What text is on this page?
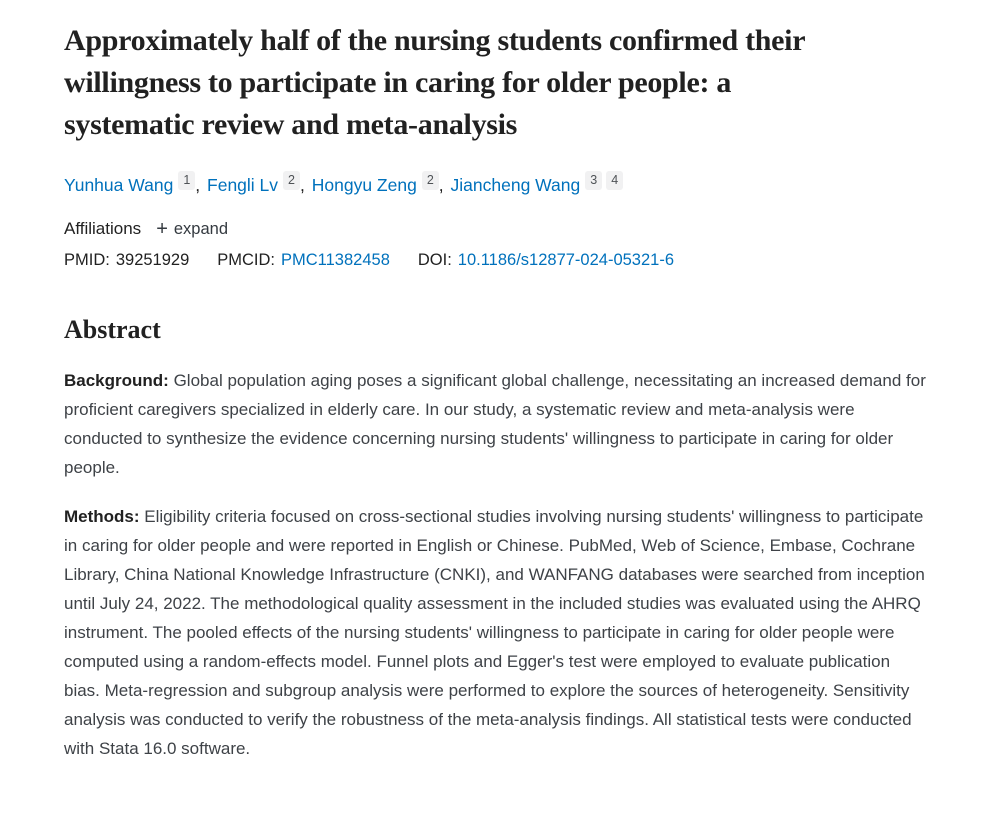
Approximately half of the nursing students confirmed their willingness to participate in caring for older people: a systematic review and meta-analysis
Yunhua Wang 1 , Fengli Lv 2 , Hongyu Zeng 2 , Jiancheng Wang 3 4
Affiliations + expand
PMID: 39251929 PMCID: PMC11382458 DOI: 10.1186/s12877-024-05321-6
Abstract

Background: Global population aging poses a significant global challenge, necessitating an increased demand for proficient caregivers specialized in elderly care. In our study, a systematic review and meta-analysis were conducted to synthesize the evidence concerning nursing students' willingness to participate in caring for older people.

Methods: Eligibility criteria focused on cross-sectional studies involving nursing students' willingness to participate in caring for older people and were reported in English or Chinese. PubMed, Web of Science, Embase, Cochrane Library, China National Knowledge Infrastructure (CNKI), and WANFANG databases were searched from inception until July 24, 2022. The methodological quality assessment in the included studies was evaluated using the AHRQ instrument. The pooled effects of the nursing students' willingness to participate in caring for older people were computed using a random-effects model. Funnel plots and Egger's test were employed to evaluate publication bias. Meta-regression and subgroup analysis were performed to explore the sources of heterogeneity. Sensitivity analysis was conducted to verify the robustness of the meta-analysis findings. All statistical tests were conducted with Stata 16.0 software.
